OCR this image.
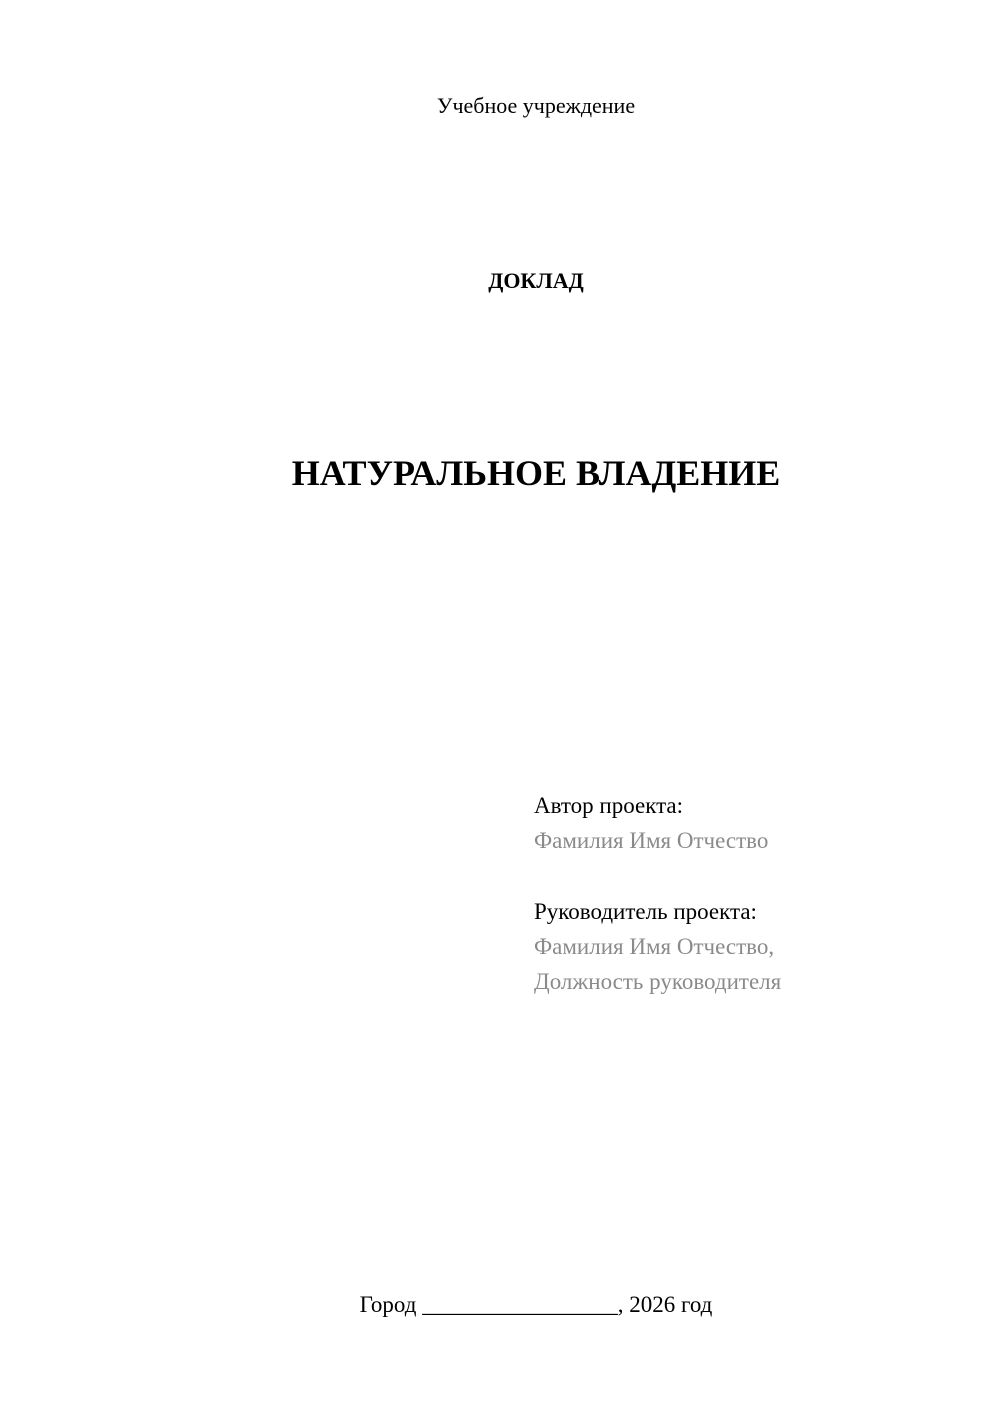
Учебное учреждение
ДОКЛАД
НАТУРАЛЬНОЕ ВЛАДЕНИЕ
Автор проекта:
Фамилия Имя Отчество
Руководитель проекта:
Фамилия Имя Отчество,
Должность руководителя
Город _________________, 2026 год
